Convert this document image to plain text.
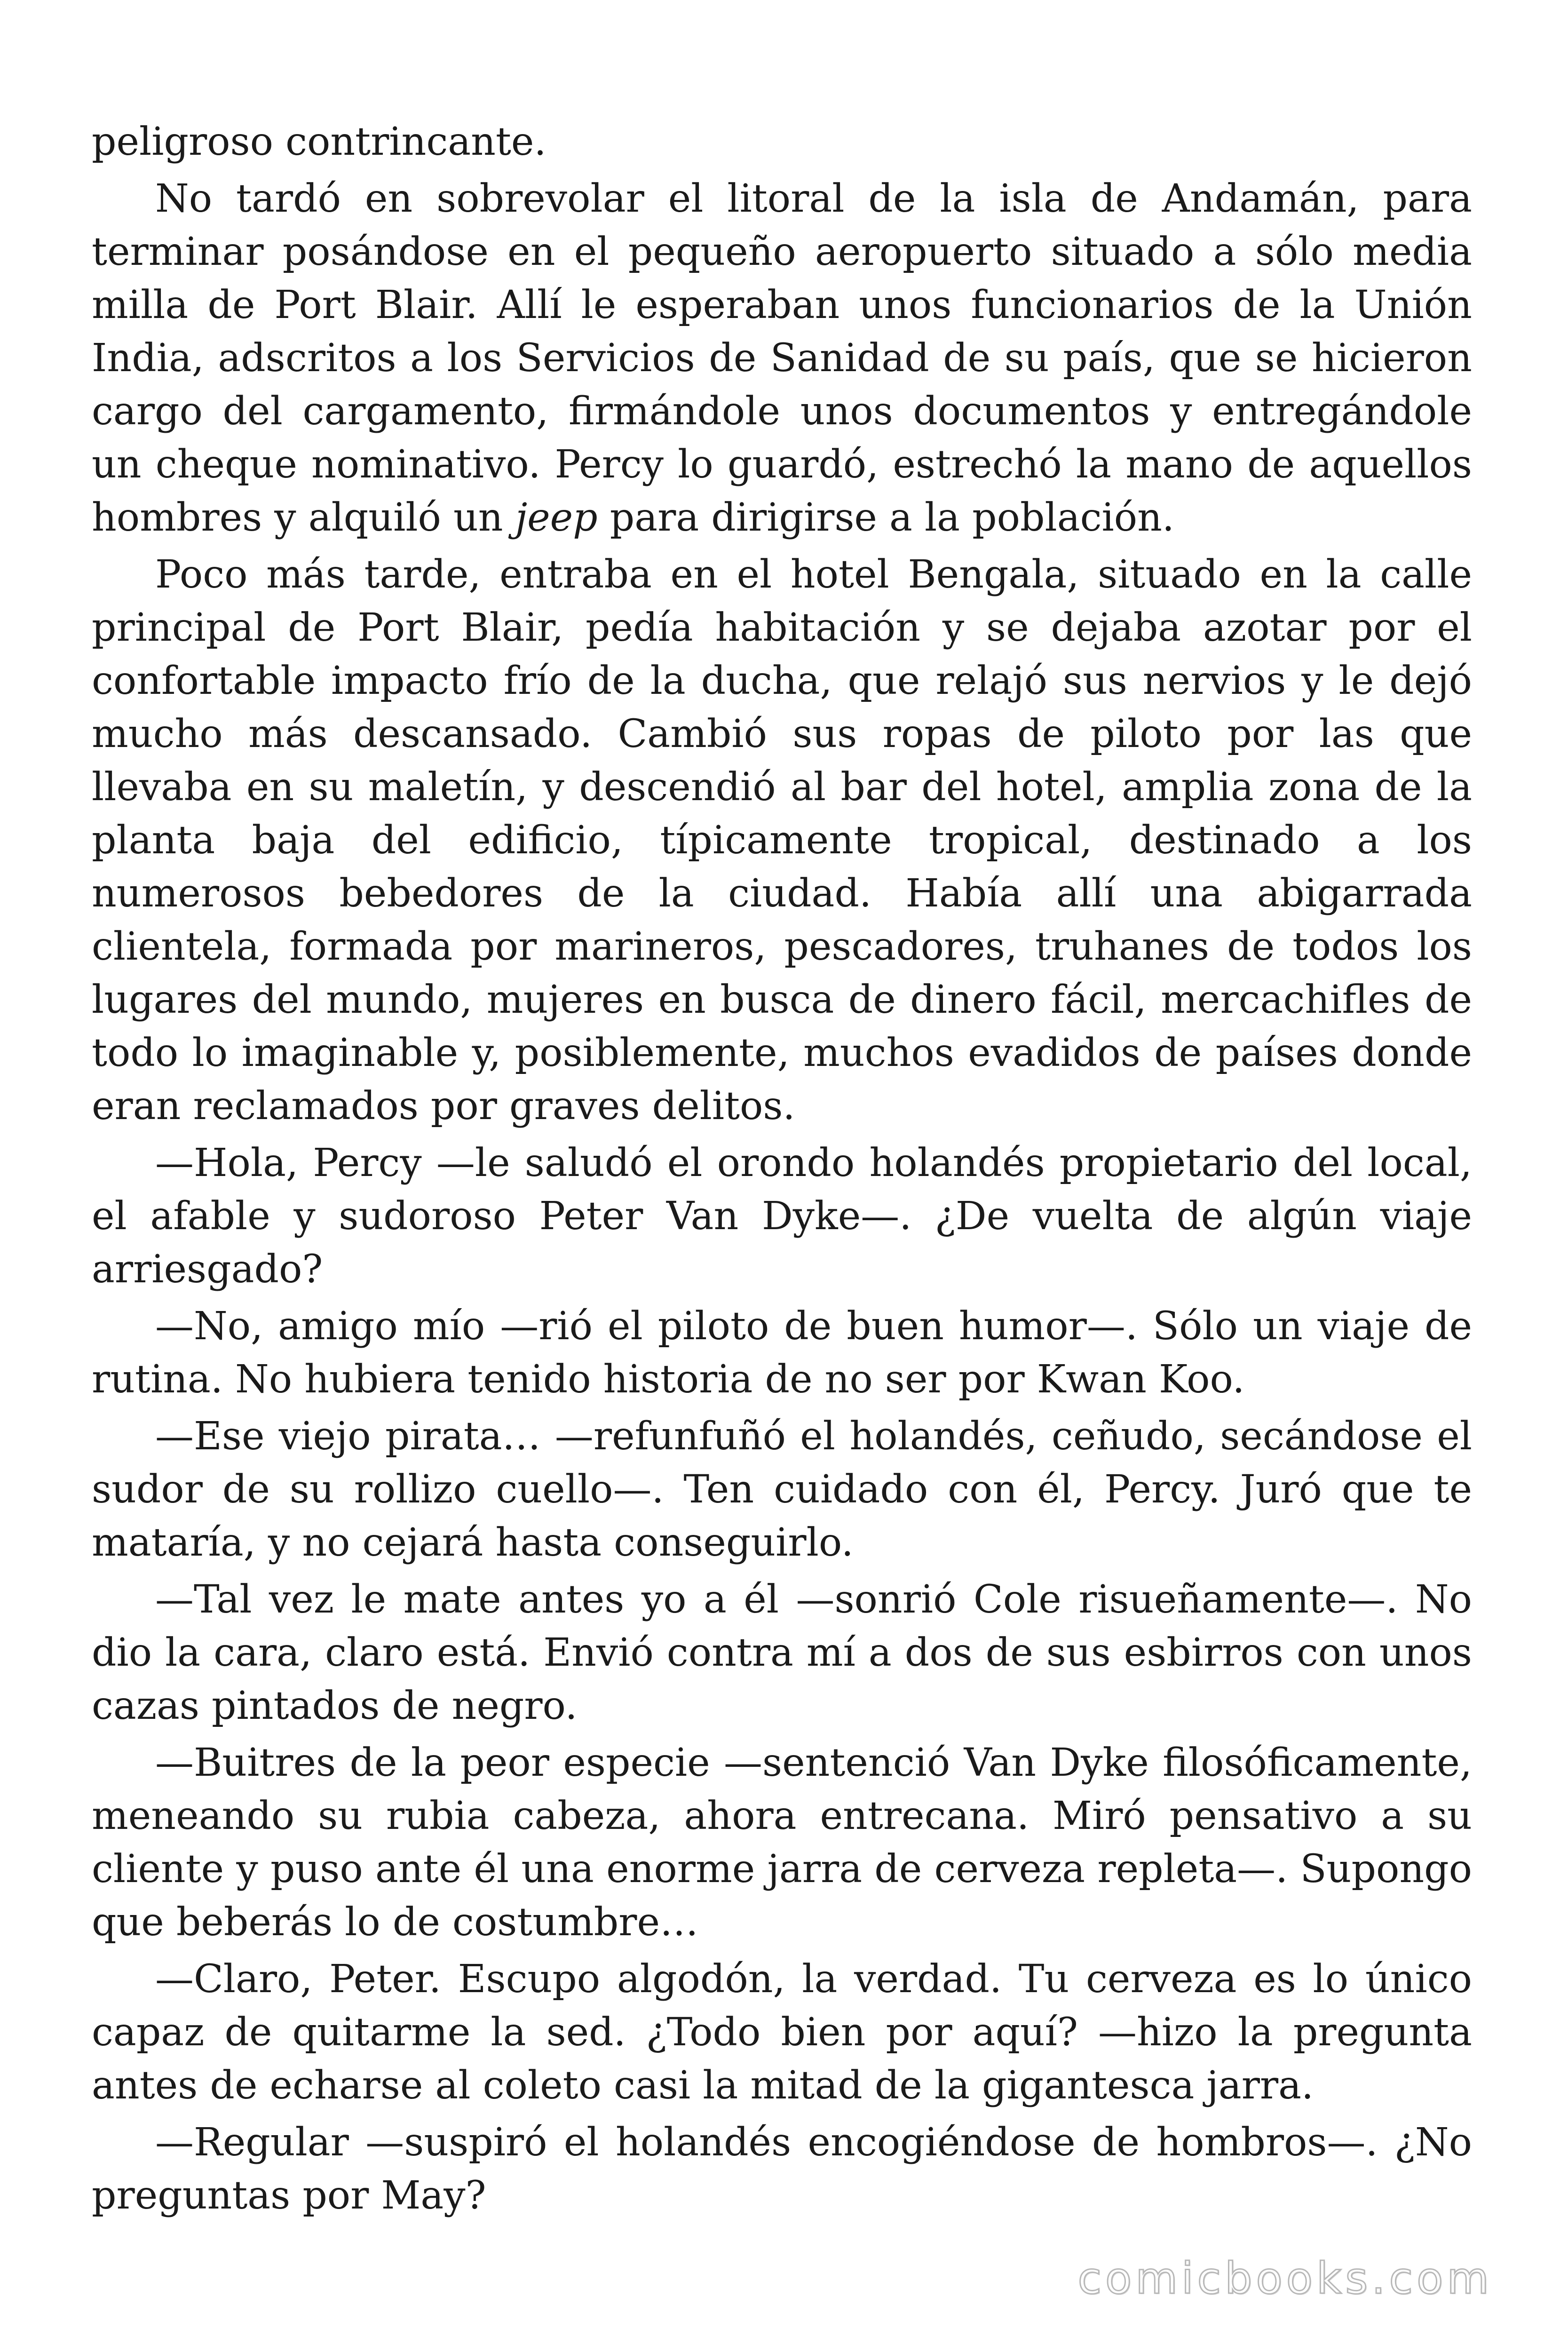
peligroso contrincante.

No tardó en sobrevolar el litoral de la isla de Andamán, para terminar posándose en el pequeño aeropuerto situado a sólo media milla de Port Blair. Allí le esperaban unos funcionarios de la Unión India, adscritos a los Servicios de Sanidad de su país, que se hicieron cargo del cargamento, firmándole unos documentos y entregándole un cheque nominativo. Percy lo guardó, estrechó la mano de aquellos hombres y alquiló un jeep para dirigirse a la población.

Poco más tarde, entraba en el hotel Bengala, situado en la calle principal de Port Blair, pedía habitación y se dejaba azotar por el confortable impacto frío de la ducha, que relajó sus nervios y le dejó mucho más descansado. Cambió sus ropas de piloto por las que llevaba en su maletín, y descendió al bar del hotel, amplia zona de la planta baja del edificio, típicamente tropical, destinado a los numerosos bebedores de la ciudad. Había allí una abigarrada clientela, formada por marineros, pescadores, truhanes de todos los lugares del mundo, mujeres en busca de dinero fácil, mercachifles de todo lo imaginable y, posiblemente, muchos evadidos de países donde eran reclamados por graves delitos.

—Hola, Percy —le saludó el orondo holandés propietario del local, el afable y sudoroso Peter Van Dyke—. ¿De vuelta de algún viaje arriesgado?

—No, amigo mío —rió el piloto de buen humor—. Sólo un viaje de rutina. No hubiera tenido historia de no ser por Kwan Koo.

—Ese viejo pirata… —refunfuñó el holandés, ceñudo, secándose el sudor de su rollizo cuello—. Ten cuidado con él, Percy. Juró que te mataría, y no cejará hasta conseguirlo.

—Tal vez le mate antes yo a él —sonrió Cole risueñamente—. No dio la cara, claro está. Envió contra mí a dos de sus esbirros con unos cazas pintados de negro.

—Buitres de la peor especie —sentenció Van Dyke filosóficamente, meneando su rubia cabeza, ahora entrecana. Miró pensativo a su cliente y puso ante él una enorme jarra de cerveza repleta—. Supongo que beberás lo de costumbre…

—Claro, Peter. Escupo algodón, la verdad. Tu cerveza es lo único capaz de quitarme la sed. ¿Todo bien por aquí? —hizo la pregunta antes de echarse al coleto casi la mitad de la gigantesca jarra.

—Regular —suspiró el holandés encogiéndose de hombros—. ¿No preguntas por May?

comicbooks.com
